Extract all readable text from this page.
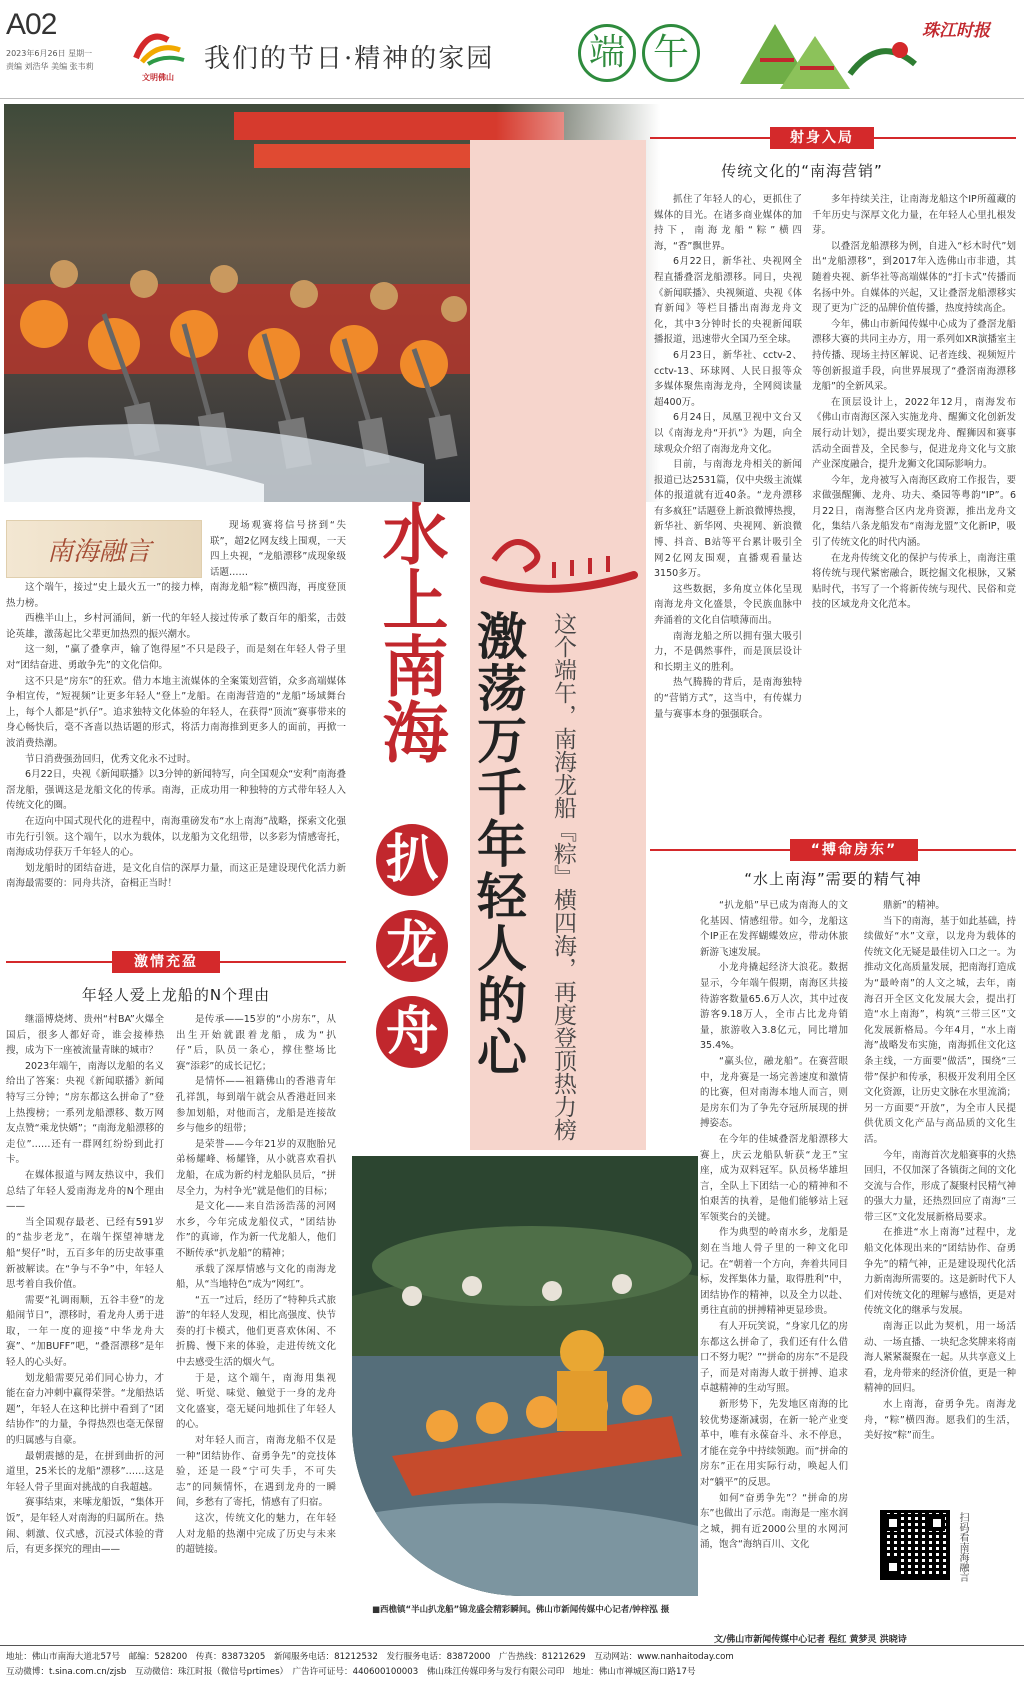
A02
2023年6月26日 星期一
责编 刘浩华 美编 张韦莉
文明佛山
我们的节日·精神的家园	端 午
珠江时报
南海融言

现场观赛将信号挤到“失联”，超2亿网友线上围观，一天四上央视，“龙船漂移”成现象级话题……

这个端午，接过“史上最火五一”的接力棒，南海龙船“粽”横四海，再度登顶热力榜。

西樵半山上，乡村河涌间，新一代的年轻人接过传承了数百年的船桨，击鼓论英雄，激荡起比父辈更加热烈的振兴潮水。

这一刻，“赢了叠拿声，输了饱得屋”不只是段子，而是刻在年轻人骨子里对“团结奋进、勇敢争先”的文化信仰。

这不只是“房东”的狂欢。借力本地主流媒体的全案策划营销，众多高端媒体争相宣传，“短视频”让更多年轻人“登上”龙船。在南海营造的“龙船”场域舞台上，每个人都是“扒仔”。追求独特文化体验的年轻人，在获得“顶流”赛事带来的身心畅快后，毫不吝啬以热话题的形式，将活力南海推到更多人的面前，再掀一波消费热潮。

节日消费强劲回归，优秀文化永不过时。

6月22日，央视《新闻联播》以3分钟的新闻特写，向全国观众“安利”南海叠滘龙船，强调这是龙船文化的传承。南海，正成功用一种独特的方式带年轻人入传统文化的圈。

在迈向中国式现代化的进程中，南海重磅发布“水上南海”战略，探索文化强市先行引领。这个端午，以水为载体，以龙船为文化纽带，以多彩为情感寄托，南海成功俘获万千年轻人的心。

划龙船时的团结奋进，是文化自信的深厚力量，而这正是建设现代化活力新南海最需要的：同舟共济，奋楫正当时！

激情充盈
年轻人爱上龙船的N个理由

继淄博烧烤、贵州“村BA”火爆全国后，很多人都好奇，谁会接棒热搜，成为下一座被流量青睐的城市？

2023年端午，南海以龙船的名义给出了答案：央视《新闻联播》新闻特写三分钟；“房东都这么拼命了”登上热搜榜；一系列龙船漂移、数万网友点赞“乘龙快婿”；“南海龙船漂移的走位”……还有一群网红纷纷到此打卡。

在媒体报道与网友热议中，我们总结了年轻人爱南海龙舟的N个理由——

当全国观存最老、已经有591岁的“盐步老龙”，在端午探望神塘龙船“契仔”时，五百多年的历史故事重新被解读。在“争与不争”中，年轻人思考着自我价值。

需要“礼调雨顺，五谷丰登”的龙船闹节日”，漂移时，看龙舟人勇于进取，一年一度的迎接“中华龙舟大赛”、“加BUFF”吧，“叠滘漂移”是年轻人的心头好。

划龙船需要兄弟们同心协力，才能在奋力冲刺中赢得荣誉。“龙船热话题”，年轻人在这种比拼中看到了“团结协作”的力量，争得热烈也毫无保留的归属感与自豪。

最朝震撼的是，在拼到曲折的河道里，25米长的龙船“漂移”……这是年轻人骨子里面对挑战的自我超越。

赛事结束，来嗦龙船饭，“集体开饭”，是年轻人对南海的归属所在。热闹、刺激、仪式感，沉浸式体验的背后，有更多探究的理由——

是传承——15岁的“小房东”，从出生开始就跟着龙船，成为“扒仔”后，队员一条心，撑住整场比赛“添彩”的成长记忆；

是情怀——祖籍佛山的香港青年孔祥凯，每到端午就会从香港赶回来参加划船，对他而言，龙船是连接故乡与他乡的纽带；

是荣誉——今年21岁的双胞胎兄弟杨耀峰、杨耀锋，从小就喜欢看扒龙船，在成为新约村龙船队员后，“拼尽全力，为村争光”就是他们的目标；

是文化——来自浩汤浩荡的河网水乡，今年完成龙船仪式，“团结协作”的真谛，作为新一代龙船人，他们不断传承“扒龙船”的精神；

承载了深厚情感与文化的南海龙船，从“当地特色”成为“网红”。

“五一”过后，经历了“特种兵式旅游”的年轻人发现，相比高强度、快节奏的打卡模式，他们更喜欢休闲、不折腾、慢下来的体验，走进传统文化中去感受生活的烟火气。

于是，这个端午，南海用集视觉、听觉、味觉、触觉于一身的龙舟文化盛宴，毫无疑问地抓住了年轻人的心。

对年轻人而言，南海龙船不仅是一种“团结协作、奋勇争先”的竞技体验，还是一段“宁可失手，不可失志”的同频情怀，在遇到龙舟的一瞬间，乡愁有了寄托，情感有了归宿。

这次，传统文化的魅力，在年轻人对龙船的热潮中完成了历史与未来的超链接。

水上南海
扒
龙
舟 激荡万千年轻人的心 这个端午，南海龙船『粽』横四海，再度登顶热力榜
射身入局
传统文化的“南海营销”

抓住了年轻人的心，更抓住了媒体的目光。在诸多商业媒体的加持下，南海龙船“粽”横四海，“香”飘世界。

6月22日，新华社、央视网全程直播叠滘龙船漂移。同日，央视《新闻联播》、央视频道、央视《体育新闻》等栏目播出南海龙舟文化，其中3分钟时长的央视新闻联播报道，迅速带火全国乃至全球。

6月23日，新华社、cctv-2、cctv-13、环球网、人民日报等众多媒体聚焦南海龙舟，全网阅读量超400万。

6月24日，凤凰卫视中文台又以《南海龙舟“开扒”》为题，向全球观众介绍了南海龙舟文化。

目前，与南海龙舟相关的新闻报道已达2531篇，仅中央级主流媒体的报道就有近40条。“龙舟漂移有多疯狂”话题登上新浪微博热搜，新华社、新华网、央视网、新浪微博、抖音、B站等平台累计吸引全网2亿网友围观，直播观看量达3150多万。

这些数据，多角度立体化呈现南海龙舟文化盛景，令民族血脉中奔涌着的文化自信喷薄而出。

南海龙船之所以拥有强大吸引力，不是偶然事件，而是顶层设计和长期主义的胜利。

热气腾腾的背后，是南海独特的“营销方式”，这当中，有传媒力量与赛事本身的强强联合。

多年持续关注，让南海龙船这个IP所蕴藏的千年历史与深厚文化力量，在年轻人心里扎根发芽。

以叠滘龙船漂移为例，自进入“杉木时代”划出“龙船漂移”，到2017年入选佛山市非遗，其随着央视、新华社等高端媒体的“打卡式”传播而名扬中外。自媒体的兴起，又让叠滘龙船漂移实现了更为广泛的品牌价值传播，热度持续高企。

今年，佛山市新闻传媒中心成为了叠滘龙船漂移大赛的共同主办方，用一系列如XR演播室主持传播、现场主持区解说、记者连线、视频短片等创新报道手段，向世界展现了“叠滘南海漂移龙船”的全新风采。

在顶层设计上，2022年12月，南海发布《佛山市南海区深入实施龙舟、醒狮文化创新发展行动计划》，提出要实现龙舟、醒狮因和赛事活动全面普及，全民参与，促进龙舟文化与文旅产业深度融合，提升龙狮文化国际影响力。

今年，龙舟被写入南海区政府工作报告，要求做强醒狮、龙舟、功夫、桑园等粤韵“IP”。6月22日，南海整合区内龙舟资源，推出龙舟文化，集结八条龙船发布“南海龙盟”文化新IP，吸引了传统文化的时代内涵。

在龙舟传统文化的保护与传承上，南海注重将传统与现代紧密融合，既挖掘文化根脉，又紧贴时代，书写了一个将新传统与现代、民俗和竞技的区域龙舟文化范本。

“搏命房东”
“水上南海”需要的精气神

“扒龙船”早已成为南海人的文化基因、情感纽带。如今，龙船这个IP正在发挥蝴蝶效应，带动休旅新游飞速发展。

小龙舟撬起经济大浪花。数据显示，今年端午假期，南海区共接待游客数量65.6万人次，其中过夜游客9.18万人，全市占比龙舟销量，旅游收入3.8亿元，同比增加35.4%。

“赢头位，融龙船”。在赛营眼中，龙舟赛是一场完善速度和激情的比赛，但对南海本地人而言，则是房东们为了争先夺冠所展现的拼搏姿态。

在今年的佳城叠滘龙船漂移大赛上，庆云龙船队斩获“龙王”宝座，成为双料冠军。队员杨华雄坦言，全队上下团结一心的精神和不怕艰苦的执着，是他们能够站上冠军领奖台的关键。

作为典型的岭南水乡，龙船是刻在当地人骨子里的一种文化印记。在“朝着一个方向，奔着共同目标，发挥集体力量，取得胜利”中，团结协作的精神，以及全力以赴、勇往直前的拼搏精神更显珍贵。

有人开玩笑说，“身家几亿的房东都这么拼命了，我们还有什么借口不努力呢？”“拼命的房东”不是段子，而是对南海人敢于拼搏、追求卓越精神的生动写照。

新形势下，先发地区南海的比较优势逐渐减弱，在新一轮产业变革中，唯有永葆奋斗、永不停息，才能在竞争中持续领跑。而“拼命的房东”正在用实际行动，唤起人们对“躺平”的反思。

如何“奋勇争先”？“拼命的房东”也做出了示范。南海是一座水润之城，拥有近2000公里的水网河涌，饱含“海纳百川、文化

鼎新”的精神。

当下的南海，基于如此基础，持续做好“水”文章，以龙舟为载体的传统文化无疑是最佳切入口之一。为推动文化高质量发展，把南海打造成为“最岭南”的人文之城，去年，南海召开全区文化发展大会，提出打造“水上南海”，构筑“三带三区”文化发展新格局。今年4月，“水上南海”战略发布实施，南海抓住文化这条主线，一方面要“做活”，围绕“三带”保护和传承，积极开发利用全区文化资源，让历史文脉在水里流淌；另一方面要“开放”，为全市人民提供优质文化产品与高品质的文化生活。

今年，南海首次龙船赛事的火热回归，不仅加深了各镇街之间的文化交流与合作，形成了凝聚村民精气神的强大力量，还热烈回应了南海“三带三区”文化发展新格局要求。

在推进“水上南海”过程中，龙船文化体现出来的“团结协作、奋勇争先”的精气神，正是建设现代化活力新南海所需要的。这是新时代下人们对传统文化的理解与感悟，更是对传统文化的继承与发展。

南海正以此为契机，用一场活动、一场直播、一块纪念奖牌来将南海人紧紧凝聚在一起。从共享意义上看，龙舟带来的经济价值，更是一种精神的回归。

水上南海，奋勇争先。南海龙舟，“粽”横四海。愿我们的生活，美好按“粽”而生。

扫码看南海融言
文/佛山市新闻传媒中心记者 程红 黄梦灵 洪晓诗
■西樵镇“半山扒龙船”锦龙盛会精彩瞬间。佛山市新闻传媒中心记者/钟梓泓 摄
地址：佛山市南海大道北57号　邮编：528200　传真：83873205　新闻服务电话：81212532　发行服务电话：83872000　广告热线：81212629　互动网站：www.nanhaitoday.com
互动微博：t.sina.com.cn/zjsb　互动微信：珠江时报（微信号prtimes）　广告许可证号：440600100003　佛山珠江传媒印务与发行有限公司印　地址：佛山市禅城区海口路17号
